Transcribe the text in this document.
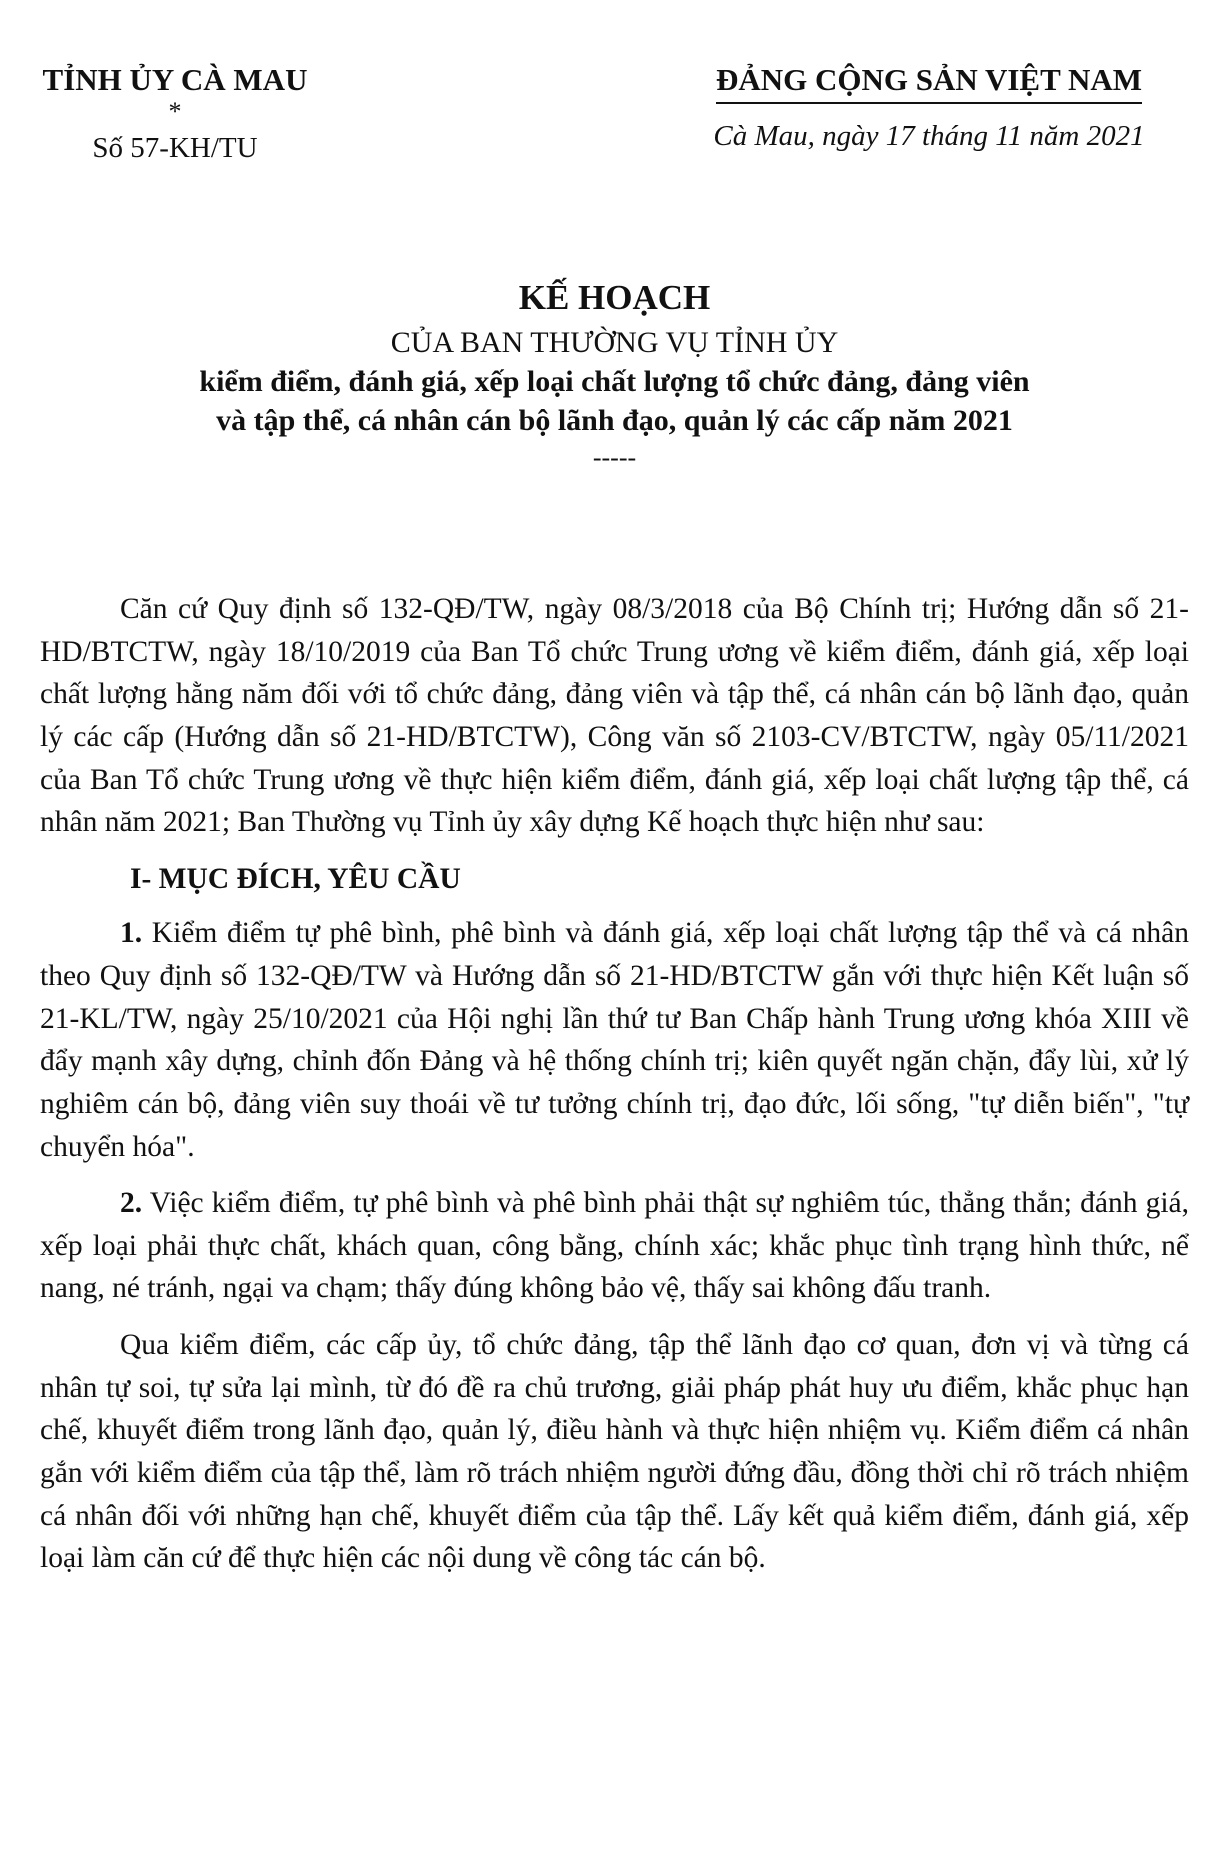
TỈNH ỦY CÀ MAU
*
Số 57-KH/TU
ĐẢNG CỘNG SẢN VIỆT NAM
Cà Mau, ngày 17 tháng 11 năm 2021
KẾ HOẠCH
CỦA BAN THƯỜNG VỤ TỈNH ỦY
kiểm điểm, đánh giá, xếp loại chất lượng tổ chức đảng, đảng viên
và tập thể, cá nhân cán bộ lãnh đạo, quản lý các cấp năm 2021
-----

Căn cứ Quy định số 132-QĐ/TW, ngày 08/3/2018 của Bộ Chính trị; Hướng dẫn số 21-HD/BTCTW, ngày 18/10/2019 của Ban Tổ chức Trung ương về kiểm điểm, đánh giá, xếp loại chất lượng hằng năm đối với tổ chức đảng, đảng viên và tập thể, cá nhân cán bộ lãnh đạo, quản lý các cấp (Hướng dẫn số 21-HD/BTCTW), Công văn số 2103-CV/BTCTW, ngày 05/11/2021 của Ban Tổ chức Trung ương về thực hiện kiểm điểm, đánh giá, xếp loại chất lượng tập thể, cá nhân năm 2021; Ban Thường vụ Tỉnh ủy xây dựng Kế hoạch thực hiện như sau:

I- MỤC ĐÍCH, YÊU CẦU

1. Kiểm điểm tự phê bình, phê bình và đánh giá, xếp loại chất lượng tập thể và cá nhân theo Quy định số 132-QĐ/TW và Hướng dẫn số 21-HD/BTCTW gắn với thực hiện Kết luận số 21-KL/TW, ngày 25/10/2021 của Hội nghị lần thứ tư Ban Chấp hành Trung ương khóa XIII về đẩy mạnh xây dựng, chỉnh đốn Đảng và hệ thống chính trị; kiên quyết ngăn chặn, đẩy lùi, xử lý nghiêm cán bộ, đảng viên suy thoái về tư tưởng chính trị, đạo đức, lối sống, "tự diễn biến", "tự chuyển hóa".

2. Việc kiểm điểm, tự phê bình và phê bình phải thật sự nghiêm túc, thẳng thắn; đánh giá, xếp loại phải thực chất, khách quan, công bằng, chính xác; khắc phục tình trạng hình thức, nể nang, né tránh, ngại va chạm; thấy đúng không bảo vệ, thấy sai không đấu tranh.

Qua kiểm điểm, các cấp ủy, tổ chức đảng, tập thể lãnh đạo cơ quan, đơn vị và từng cá nhân tự soi, tự sửa lại mình, từ đó đề ra chủ trương, giải pháp phát huy ưu điểm, khắc phục hạn chế, khuyết điểm trong lãnh đạo, quản lý, điều hành và thực hiện nhiệm vụ. Kiểm điểm cá nhân gắn với kiểm điểm của tập thể, làm rõ trách nhiệm người đứng đầu, đồng thời chỉ rõ trách nhiệm cá nhân đối với những hạn chế, khuyết điểm của tập thể. Lấy kết quả kiểm điểm, đánh giá, xếp loại làm căn cứ để thực hiện các nội dung về công tác cán bộ.
